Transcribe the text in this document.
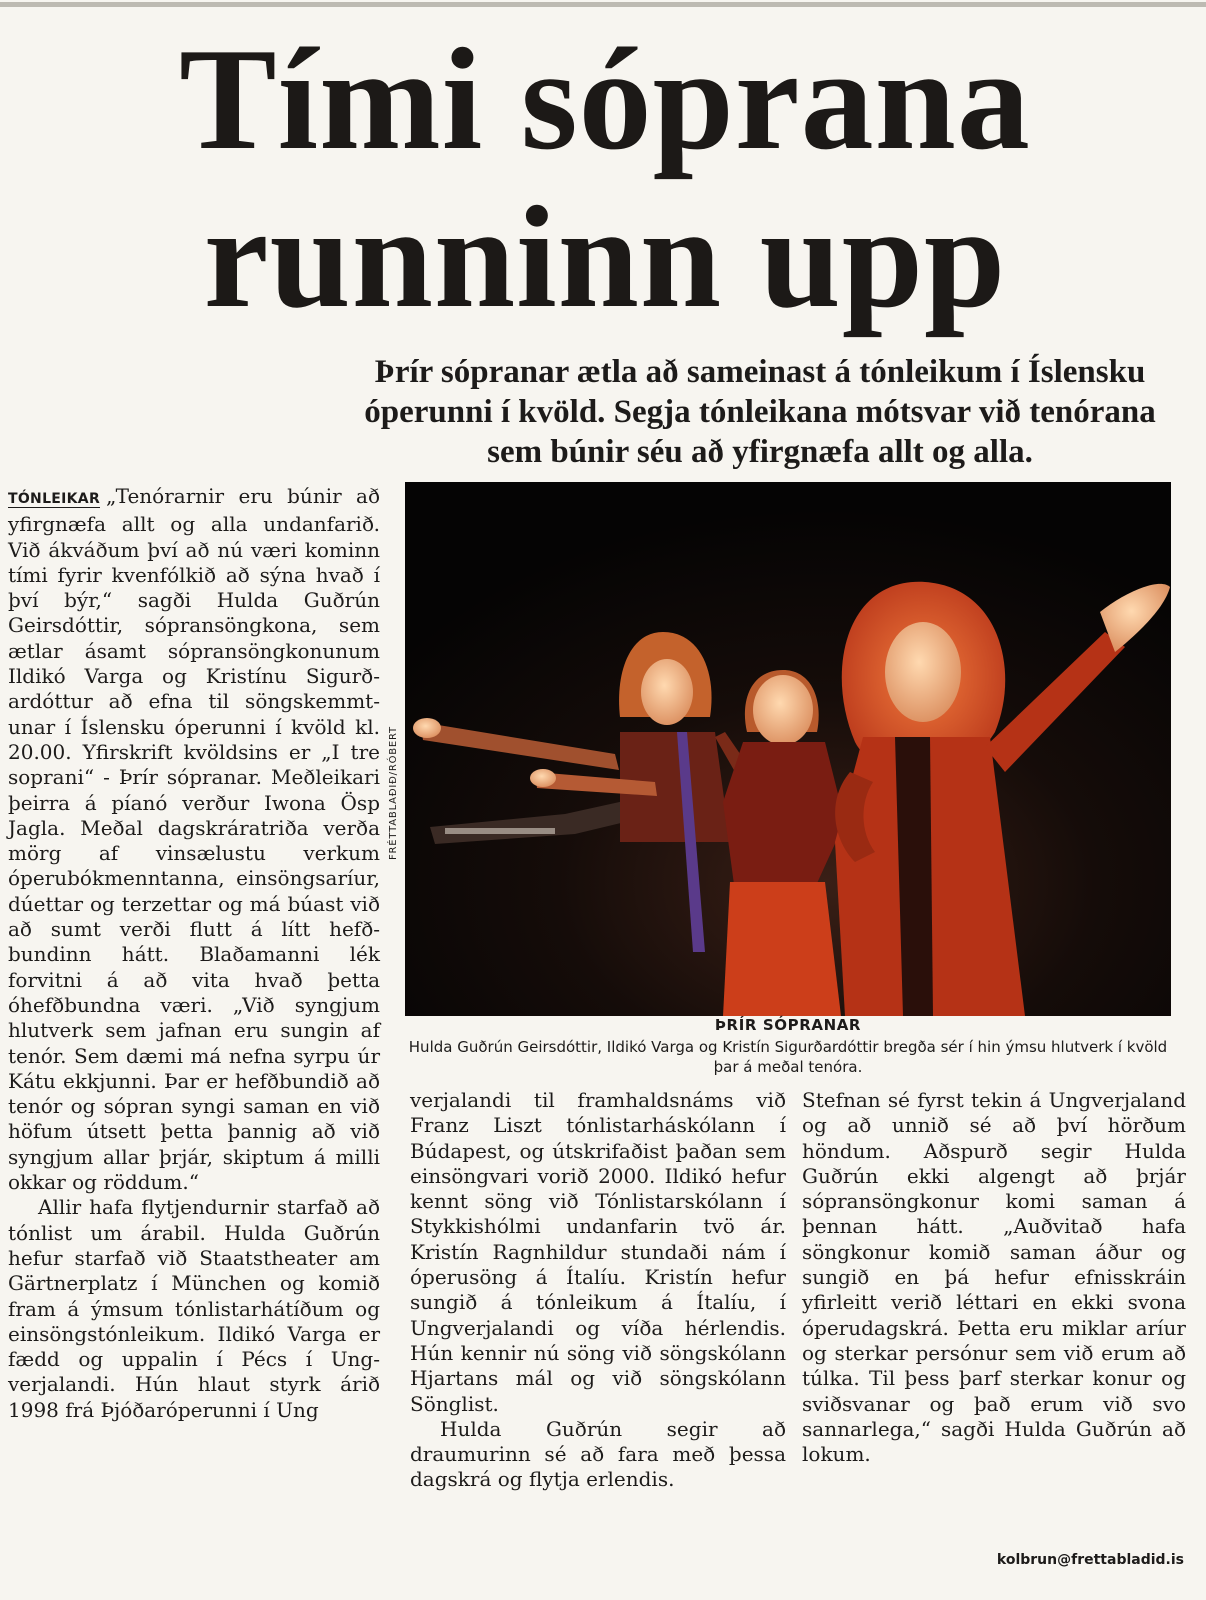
Tími sóprana
runninn upp
Þrír sópranar ætla að sameinast á tónleikum í Íslensku óperunni í kvöld. Segja tónleikana mótsvar við tenórana sem búnir séu að yfirgnæfa allt og alla.

TÓNLEIKAR „Tenórarnir eru búnir að yfirgnæfa allt og alla undanfarið. Við ákváðum því að nú væri kominn tími fyrir kvenfólkið að sýna hvað í því býr,“ sagði Hulda Guðrún Geirsdóttir, sópransöngkona, sem ætlar ásamt sópransöngkonunum Ildikó Varga og Kristínu Sigurðardóttur að efna til söngskemmtunar í Íslensku óperunni í kvöld kl. 20.00. Yfirskrift kvöldsins er „I tre soprani“ - Þrír sópranar. Meðleikari þeirra á píanó verður Iwona Ösp Jagla. Meðal dagskráratriða verða mörg af vinsælustu verkum óperubókmenntanna, einsöngsaríur, dúettar og terzettar og má búast við að sumt verði flutt á lítt hefðbundinn hátt. Blaðamanni lék forvitni á að vita hvað þetta óhefðbundna væri. „Við syngjum hlutverk sem jafnan eru sungin af tenór. Sem dæmi má nefna syrpu úr Kátu ekkjunni. Þar er hefðbundið að tenór og sópran syngi saman en við höfum útsett þetta þannig að við syngjum allar þrjár, skiptum á milli okkar og röddum.“

Allir hafa flytjendurnir starfað að tónlist um árabil. Hulda Guðrún hefur starfað við Staatstheater am Gärtnerplatz í München og komið fram á ýmsum tónlistarhátíðum og einsöngstónleikum. Ildikó Varga er fædd og uppalin í Pécs í Ungverjalandi. Hún hlaut styrk árið 1998 frá Þjóðaróperunni í Ung

FRÉTTABLAÐIÐ/RÓBERT
ÞRÍR SÓPRANAR
Hulda Guðrún Geirsdóttir, Ildikó Varga og Kristín Sigurðardóttir bregða sér í hin ýmsu hlutverk í kvöld þar á meðal tenóra.

verjalandi til framhaldsnáms við Franz Liszt tónlistarháskólann í Búdapest, og útskrifaðist þaðan sem einsöngvari vorið 2000. Ildikó hefur kennt söng við Tónlistarskólann í Stykkishólmi undanfarin tvö ár. Kristín Ragnhildur stundaði nám í óperusöng á Ítalíu. Kristín hefur sungið á tónleikum á Ítalíu, í Ungverjalandi og víða hérlendis. Hún kennir nú söng við söngskólann Hjartans mál og við söngskólann Sönglist.

Hulda Guðrún segir að draumurinn sé að fara með þessa dagskrá og flytja erlendis.

Stefnan sé fyrst tekin á Ungverjaland og að unnið sé að því hörðum höndum. Aðspurð segir Hulda Guðrún ekki algengt að þrjár sópransöngkonur komi saman á þennan hátt. „Auðvitað hafa söngkonur komið saman áður og sungið en þá hefur efnisskráin yfirleitt verið léttari en ekki svona óperudagskrá. Þetta eru miklar aríur og sterkar persónur sem við erum að túlka. Til þess þarf sterkar konur og sviðsvanar og það erum við svo sannarlega,“ sagði Hulda Guðrún að lokum.

kolbrun@frettabladid.is
